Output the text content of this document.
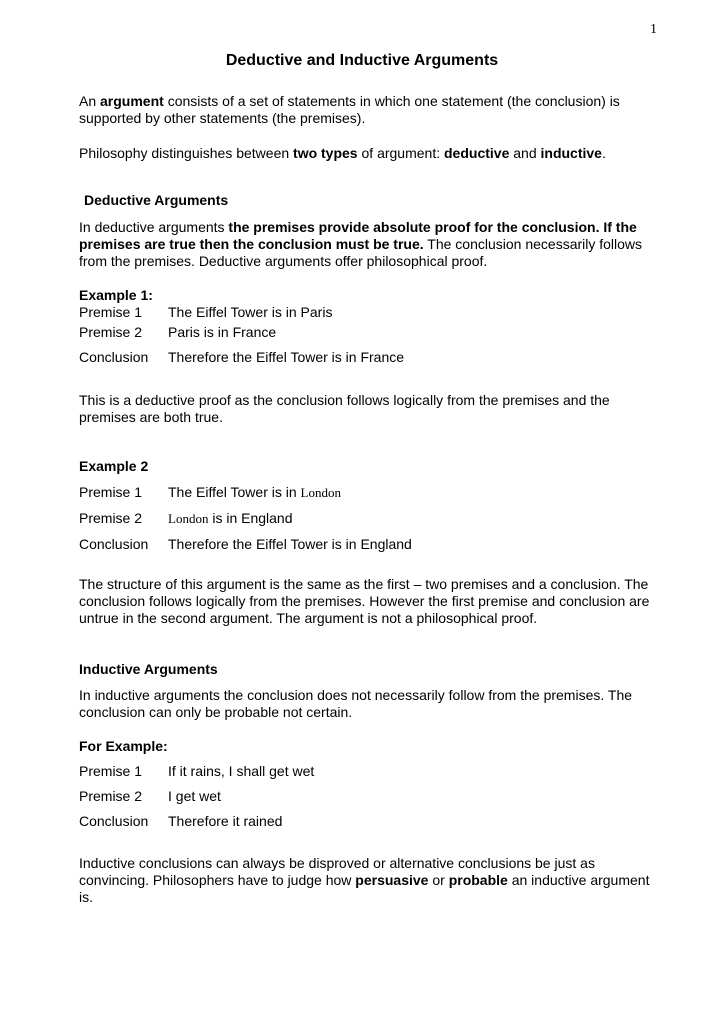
1
Deductive and Inductive Arguments
An argument consists of a set of statements in which one statement (the conclusion) is supported by other statements (the premises).
Philosophy distinguishes between two types of argument: deductive and inductive.
Deductive Arguments
In deductive arguments the premises provide absolute proof for the conclusion. If the premises are true then the conclusion must be true. The conclusion necessarily follows from the premises. Deductive arguments offer philosophical proof.
Example 1:
Premise 1 The Eiffel Tower is in Paris
Premise 2 Paris is in France
Conclusion Therefore the Eiffel Tower is in France
This is a deductive proof as the conclusion follows logically from the premises and the premises are both true.
Example 2
Premise 1 The Eiffel Tower is in London
Premise 2 London is in England
Conclusion Therefore the Eiffel Tower is in England
The structure of this argument is the same as the first – two premises and a conclusion. The conclusion follows logically from the premises. However the first premise and conclusion are untrue in the second argument. The argument is not a philosophical proof.
Inductive Arguments
In inductive arguments the conclusion does not necessarily follow from the premises. The conclusion can only be probable not certain.
For Example:
Premise 1 If it rains, I shall get wet
Premise 2 I get wet
Conclusion Therefore it rained
Inductive conclusions can always be disproved or alternative conclusions be just as convincing. Philosophers have to judge how persuasive or probable an inductive argument is.
